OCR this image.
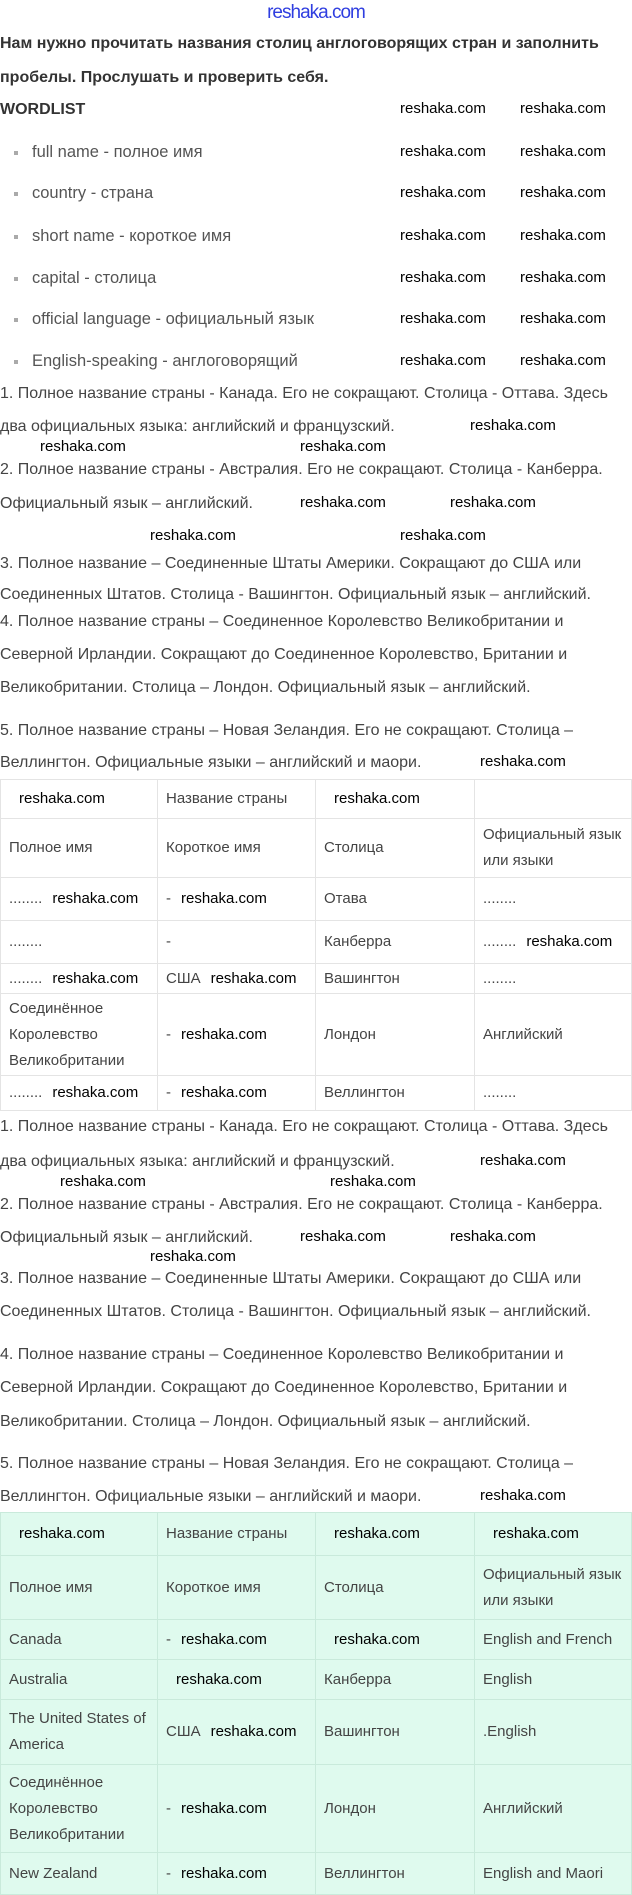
reshaka.com
Нам нужно прочитать названия столиц англоговорящих стран и заполнить
пробелы. Прослушать и проверить себя.
WORDLIST
full name - полное имя
country - страна
short name - короткое имя
capital - столица
official language - официальный язык
English-speaking - англоговорящий
1. Полное название страны - Канада. Его не сокращают. Столица - Оттава. Здесь
два официальных языка: английский и французский.
2. Полное название страны - Австралия. Его не сокращают. Столица - Канберра.
Официальный язык – английский.
3. Полное название – Соединенные Штаты Америки. Сокращают до США или
Соединенных Штатов. Столица - Вашингтон. Официальный язык – английский.
4. Полное название страны – Соединенное Королевство Великобритании и
Северной Ирландии. Сокращают до Соединенное Королевство, Британии и
Великобритании. Столица – Лондон. Официальный язык – английский.
5. Полное название страны – Новая Зеландия. Его не сокращают. Столица –
Веллингтон. Официальные языки – английский и маори.
reshaka.com	Название страны	reshaka.com	
Полное имя	Короткое имя	Столица	Официальный язык или языки
........ reshaka.com	- reshaka.com	Отава	........
........	-	Канберра	........ reshaka.com
........ reshaka.com	США reshaka.com	Вашингтон	........
Соединённое Королевство Великобритании	- reshaka.com	Лондон	Английский
........ reshaka.com	- reshaka.com	Веллингтон	........
1. Полное название страны - Канада. Его не сокращают. Столица - Оттава. Здесь
два официальных языка: английский и французский.
2. Полное название страны - Австралия. Его не сокращают. Столица - Канберра.
Официальный язык – английский.
3. Полное название – Соединенные Штаты Америки. Сокращают до США или
Соединенных Штатов. Столица - Вашингтон. Официальный язык – английский.
4. Полное название страны – Соединенное Королевство Великобритании и
Северной Ирландии. Сокращают до Соединенное Королевство, Британии и
Великобритании. Столица – Лондон. Официальный язык – английский.
5. Полное название страны – Новая Зеландия. Его не сокращают. Столица –
Веллингтон. Официальные языки – английский и маори.
reshaka.com	Название страны	reshaka.com	reshaka.com
Полное имя	Короткое имя	Столица	Официальный язык или языки
Canada	- reshaka.com	reshaka.com	English and French
Australia	reshaka.com	Канберра	English
The United States of America	США reshaka.com	Вашингтон	.English
Соединённое Королевство Великобритании	- reshaka.com	Лондон	Английский
New Zealand	- reshaka.com	Веллингтон	English and Maori
reshaka.com reshaka.com
reshaka.com reshaka.com
reshaka.com reshaka.com
reshaka.com reshaka.com
reshaka.com reshaka.com
reshaka.com reshaka.com
reshaka.com reshaka.com
reshaka.com
reshaka.com	reshaka.com
reshaka.com	reshaka.com
reshaka.com	reshaka.com
reshaka.com
reshaka.com
reshaka.com	reshaka.com
reshaka.com	reshaka.com
reshaka.com
reshaka.com
